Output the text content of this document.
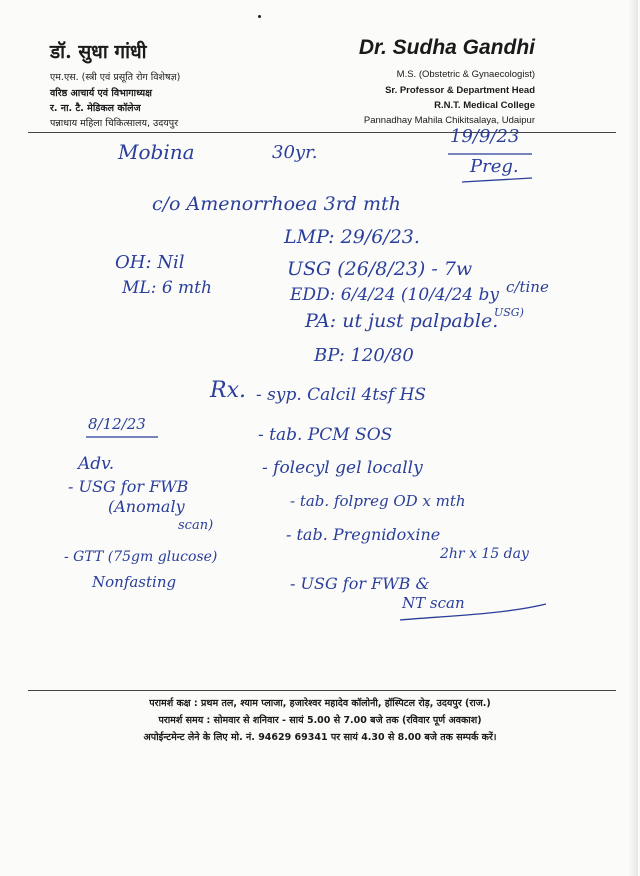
डॉ. सुधा गांधी
एम.एस. (स्त्री एवं प्रसूति रोग विशेषज्ञ)
वरिष्ठ आचार्य एवं विभागाध्यक्ष
र. ना. टै. मेडिकल कॉलेज
पन्नाधाय महिला चिकित्सालय, उदयपुर
Dr. Sudha Gandhi
M.S. (Obstetric & Gynaecologist)
Sr. Professor & Department Head
R.N.T. Medical College
Pannadhay Mahila Chikitsalaya, Udaipur
Mobina	30yr.
19/9/23
Preg.
c/o Amenorrhoea 3rd mth
LMP: 29/6/23.
OH: Nil
ML: 6 mth
USG (26/8/23) - 7w
c/tine
EDD: 6/4/24 (10/4/24 by
USG)
PA: ut just palpable.
BP: 120/80
Rx. - syp. Calcil 4tsf HS
- tab. PCM SOS
- folecyl gel locally
- tab. folpreg OD x mth
- tab. Pregnidoxine
2hr x 15 day
- USG for FWB &
NT scan
8/12/23
Adv.
- USG for FWB
(Anomaly
scan)
- GTT (75gm glucose)
Nonfasting
परामर्श कक्ष : प्रथम तल, श्याम प्लाजा, हजारेश्वर महादेव कॉलोनी, हॉस्पिटल रोड़, उदयपुर (राज.)
परामर्श समय : सोमवार से शनिवार - सायं 5.00 से 7.00 बजे तक (रविवार पूर्ण अवकाश)
अपोईन्टमेन्ट लेने के लिए मो. नं. 94629 69341 पर सायं 4.30 से 8.00 बजे तक सम्पर्क करें।
